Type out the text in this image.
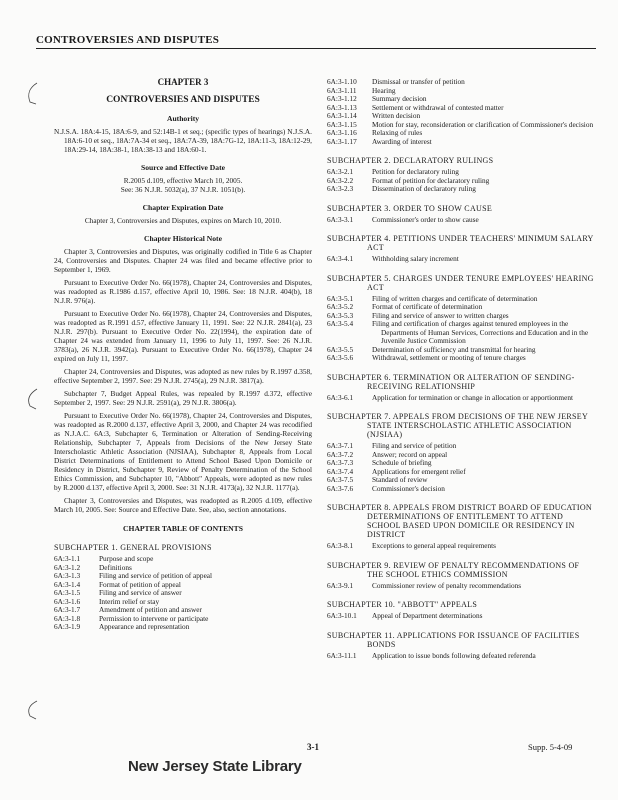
CONTROVERSIES AND DISPUTES
CHAPTER 3
CONTROVERSIES AND DISPUTES
Authority
N.J.S.A. 18A:4-15, 18A:6-9, and 52:14B-1 et seq.; (specific types of hearings) N.J.S.A. 18A:6-10 et seq., 18A:7A-34 et seq., 18A:7A-39, 18A:7G-12, 18A:11-3, 18A:12-29, 18A:29-14, 18A:38-1, 18A:38-13 and 18A:60-1.
Source and Effective Date
R.2005 d.109, effective March 10, 2005.
See: 36 N.J.R. 5032(a), 37 N.J.R. 1051(b).
Chapter Expiration Date
Chapter 3, Controversies and Disputes, expires on March 10, 2010.
Chapter Historical Note
Chapter 3, Controversies and Disputes, was originally codified in Title 6 as Chapter 24, Controversies and Disputes. Chapter 24 was filed and became effective prior to September 1, 1969.
Pursuant to Executive Order No. 66(1978), Chapter 24, Controversies and Disputes, was readopted as R.1986 d.157, effective April 10, 1986. See: 18 N.J.R. 404(b), 18 N.J.R. 976(a).
Pursuant to Executive Order No. 66(1978), Chapter 24, Controversies and Disputes, was readopted as R.1991 d.57, effective January 11, 1991. See: 22 N.J.R. 2841(a), 23 N.J.R. 297(b). Pursuant to Executive Order No. 22(1994), the expiration date of Chapter 24 was extended from January 11, 1996 to July 11, 1997. See: 26 N.J.R. 3783(a), 26 N.J.R. 3942(a). Pursuant to Executive Order No. 66(1978), Chapter 24 expired on July 11, 1997.
Chapter 24, Controversies and Disputes, was adopted as new rules by R.1997 d.358, effective September 2, 1997. See: 29 N.J.R. 2745(a), 29 N.J.R. 3817(a).
Subchapter 7, Budget Appeal Rules, was repealed by R.1997 d.372, effective September 2, 1997. See: 29 N.J.R. 2591(a), 29 N.J.R. 3806(a).
Pursuant to Executive Order No. 66(1978), Chapter 24, Controversies and Disputes, was readopted as R.2000 d.137, effective April 3, 2000, and Chapter 24 was recodified as N.J.A.C. 6A:3, Subchapter 6, Termination or Alteration of Sending-Receiving Relationship, Subchapter 7, Appeals from Decisions of the New Jersey State Interscholastic Athletic Association (NJSIAA), Subchapter 8, Appeals from Local District Determinations of Entitlement to Attend School Based Upon Domicile or Residency in District, Subchapter 9, Review of Penalty Determination of the School Ethics Commission, and Subchapter 10, "Abbott" Appeals, were adopted as new rules by R.2000 d.137, effective April 3, 2000. See: 31 N.J.R. 4173(a), 32 N.J.R. 1177(a).
Chapter 3, Controversies and Disputes, was readopted as R.2005 d.109, effective March 10, 2005. See: Source and Effective Date. See, also, section annotations.
CHAPTER TABLE OF CONTENTS
SUBCHAPTER 1. GENERAL PROVISIONS
6A:3-1.1	Purpose and scope
6A:3-1.2	Definitions
6A:3-1.3	Filing and service of petition of appeal
6A:3-1.4	Format of petition of appeal
6A:3-1.5	Filing and service of answer
6A:3-1.6	Interim relief or stay
6A:3-1.7	Amendment of petition and answer
6A:3-1.8	Permission to intervene or participate
6A:3-1.9	Appearance and representation
6A:3-1.10	Dismissal or transfer of petition
6A:3-1.11	Hearing
6A:3-1.12	Summary decision
6A:3-1.13	Settlement or withdrawal of contested matter
6A:3-1.14	Written decision
6A:3-1.15	Motion for stay, reconsideration or clarification of Commissioner's decision
6A:3-1.16	Relaxing of rules
6A:3-1.17	Awarding of interest
SUBCHAPTER 2. DECLARATORY RULINGS
6A:3-2.1	Petition for declaratory ruling
6A:3-2.2	Format of petition for declaratory ruling
6A:3-2.3	Dissemination of declaratory ruling
SUBCHAPTER 3. ORDER TO SHOW CAUSE
6A:3-3.1	Commissioner's order to show cause
SUBCHAPTER 4. PETITIONS UNDER TEACHERS' MINIMUM SALARY ACT
6A:3-4.1	Withholding salary increment
SUBCHAPTER 5. CHARGES UNDER TENURE EMPLOYEES' HEARING ACT
6A:3-5.1	Filing of written charges and certificate of determination
6A:3-5.2	Format of certificate of determination
6A:3-5.3	Filing and service of answer to written charges
6A:3-5.4	Filing and certification of charges against tenured employees in the Departments of Human Services, Corrections and Education and in the Juvenile Justice Commission
6A:3-5.5	Determination of sufficiency and transmittal for hearing
6A:3-5.6	Withdrawal, settlement or mooting of tenure charges
SUBCHAPTER 6. TERMINATION OR ALTERATION OF SENDING-RECEIVING RELATIONSHIP
6A:3-6.1	Application for termination or change in allocation or apportionment
SUBCHAPTER 7. APPEALS FROM DECISIONS OF THE NEW JERSEY STATE INTERSCHOLASTIC ATHLETIC ASSOCIATION (NJSIAA)
6A:3-7.1	Filing and service of petition
6A:3-7.2	Answer; record on appeal
6A:3-7.3	Schedule of briefing
6A:3-7.4	Applications for emergent relief
6A:3-7.5	Standard of review
6A:3-7.6	Commissioner's decision
SUBCHAPTER 8. APPEALS FROM DISTRICT BOARD OF EDUCATION DETERMINATIONS OF ENTITLEMENT TO ATTEND SCHOOL BASED UPON DOMICILE OR RESIDENCY IN DISTRICT
6A:3-8.1	Exceptions to general appeal requirements
SUBCHAPTER 9. REVIEW OF PENALTY RECOMMENDATIONS OF THE SCHOOL ETHICS COMMISSION
6A:3-9.1	Commissioner review of penalty recommendations
SUBCHAPTER 10. "ABBOTT" APPEALS
6A:3-10.1	Appeal of Department determinations
SUBCHAPTER 11. APPLICATIONS FOR ISSUANCE OF FACILITIES BONDS
6A:3-11.1	Application to issue bonds following defeated referenda
3-1	Supp. 5-4-09
New Jersey State Library
